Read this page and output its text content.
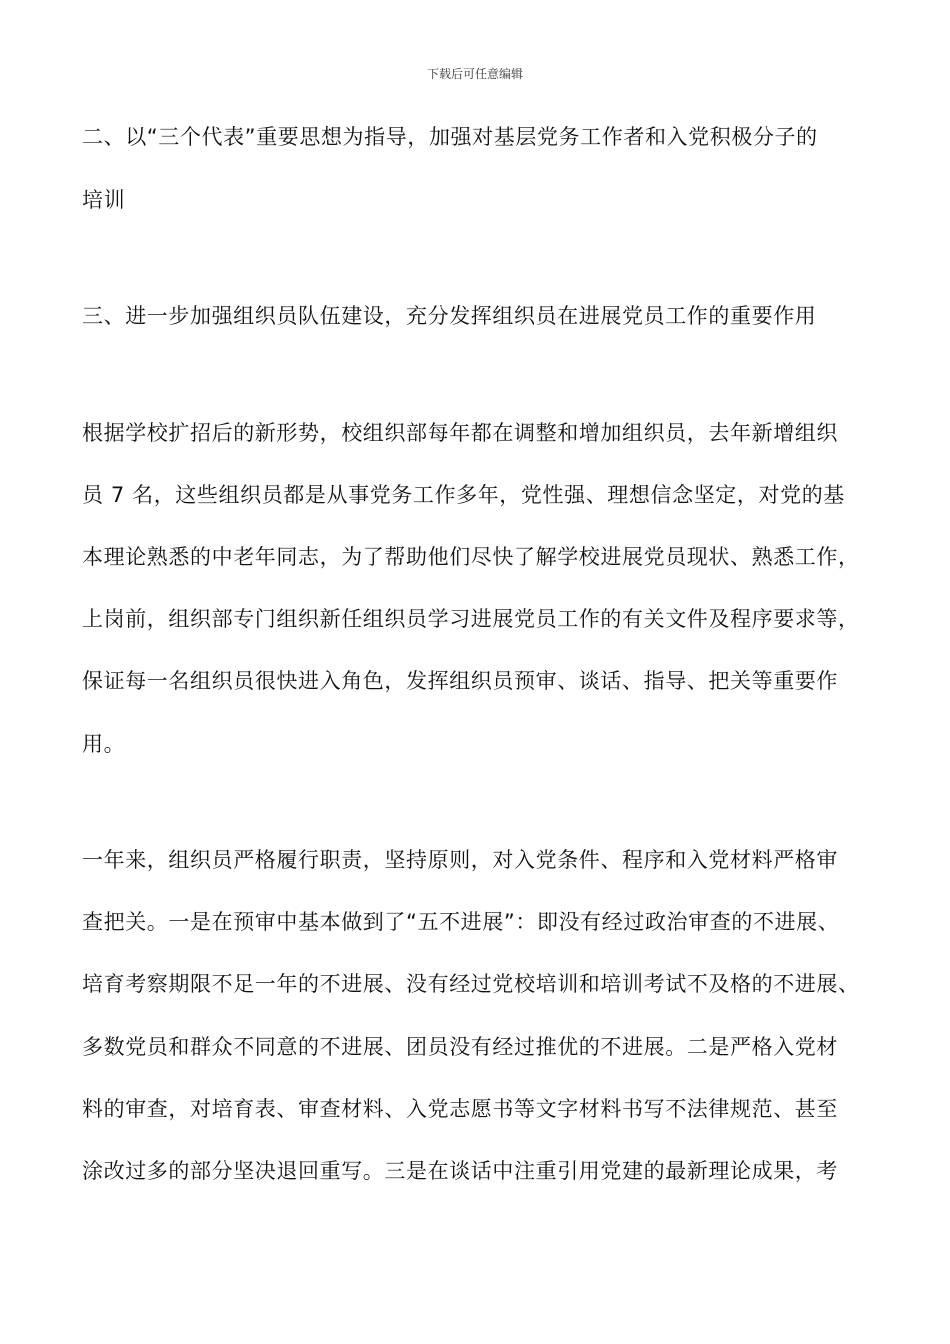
下载后可任意编辑

二、以“三个代表”重要思想为指导，加强对基层党务工作者和入党积极分子的

培训

三、进一步加强组织员队伍建设，充分发挥组织员在进展党员工作的重要作用

根据学校扩招后的新形势，校组织部每年都在调整和增加组织员，去年新增组织

员 7 名，这些组织员都是从事党务工作多年，党性强、理想信念坚定，对党的基

本理论熟悉的中老年同志，为了帮助他们尽快了解学校进展党员现状、熟悉工作，

上岗前，组织部专门组织新任组织员学习进展党员工作的有关文件及程序要求等，

保证每一名组织员很快进入角色，发挥组织员预审、谈话、指导、把关等重要作

用。

一年来，组织员严格履行职责，坚持原则，对入党条件、程序和入党材料严格审

查把关。一是在预审中基本做到了“五不进展”：即没有经过政治审查的不进展、

培育考察期限不足一年的不进展、没有经过党校培训和培训考试不及格的不进展、

多数党员和群众不同意的不进展、团员没有经过推优的不进展。二是严格入党材

料的审查，对培育表、审查材料、入党志愿书等文字材料书写不法律规范、甚至

涂改过多的部分坚决退回重写。三是在谈话中注重引用党建的最新理论成果，考
